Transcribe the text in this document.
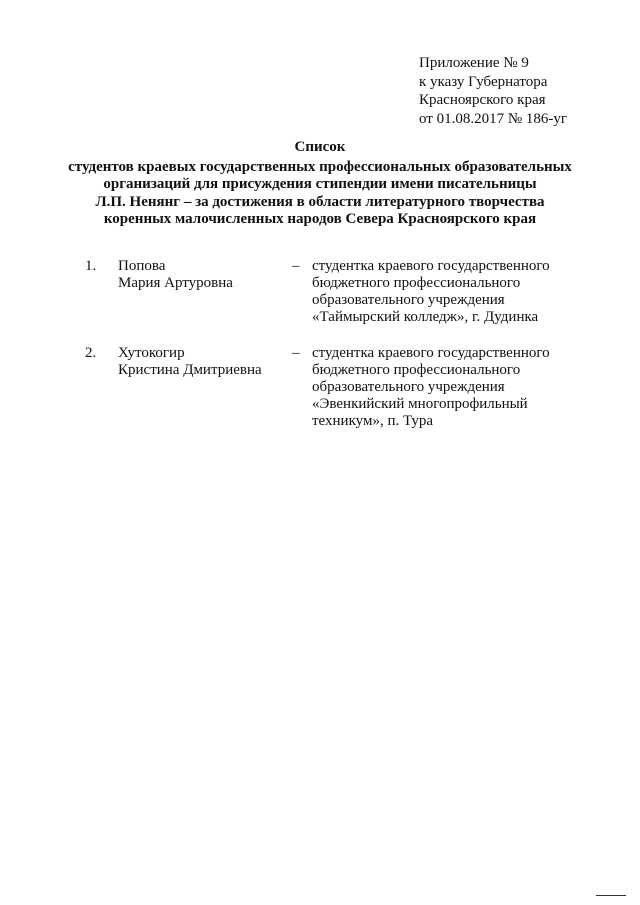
Приложение № 9
к указу Губернатора
Красноярского края
от 01.08.2017 № 186-уг
Список
студентов краевых государственных профессиональных образовательных
организаций для присуждения стипендии имени писательницы
Л.П. Ненянг – за достижения в области литературного творчества
коренных малочисленных народов Севера Красноярского края
1. Попова
Мария Артуровна
– студентка краевого государственного
бюджетного профессионального
образовательного учреждения
«Таймырский колледж», г. Дудинка
2. Хутокогир
Кристина Дмитриевна
– студентка краевого государственного
бюджетного профессионального
образовательного учреждения
«Эвенкийский многопрофильный
техникум», п. Тура
